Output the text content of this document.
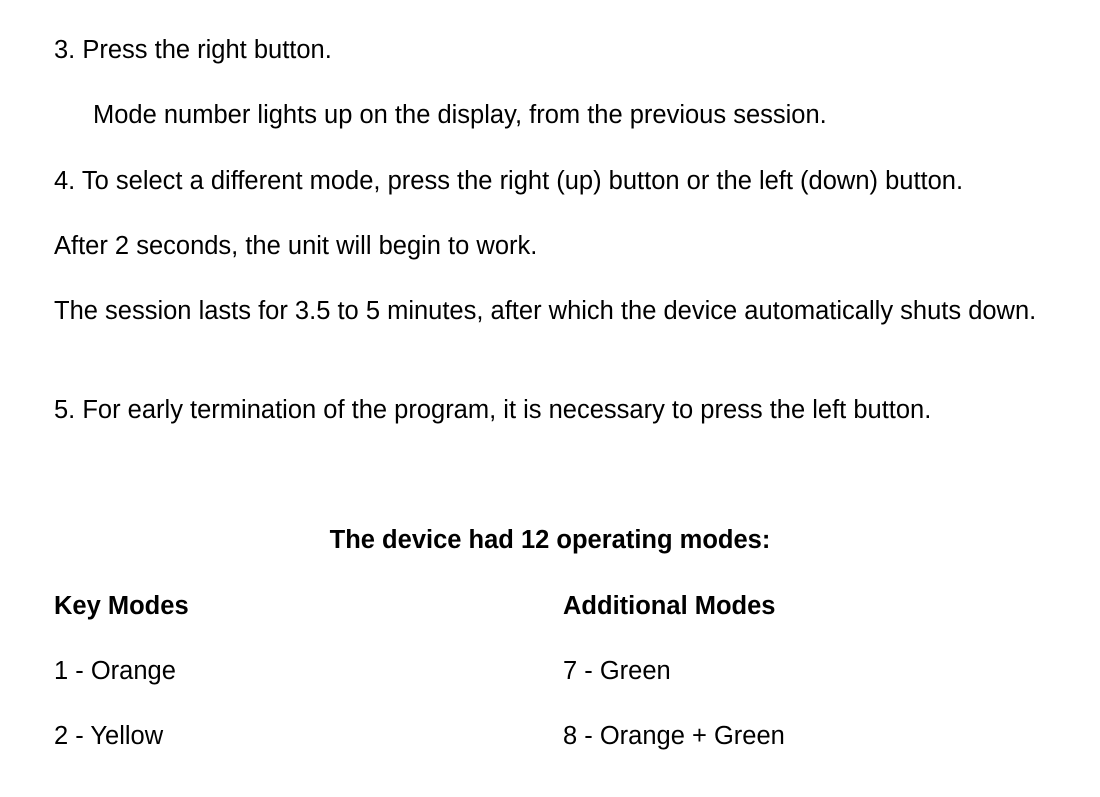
3. Press the right button.

Mode number lights up on the display, from the previous session.

4. To select a different mode, press the right (up) button or the left (down) button.

After 2 seconds, the unit will begin to work.

The session lasts for 3.5 to 5 minutes, after which the device automatically shuts down.

5. For early termination of the program, it is necessary to press the left button.

The device had 12 operating modes:

Key Modes	Additional Modes

1 - Orange	7 - Green

2 - Yellow	8 - Orange + Green
